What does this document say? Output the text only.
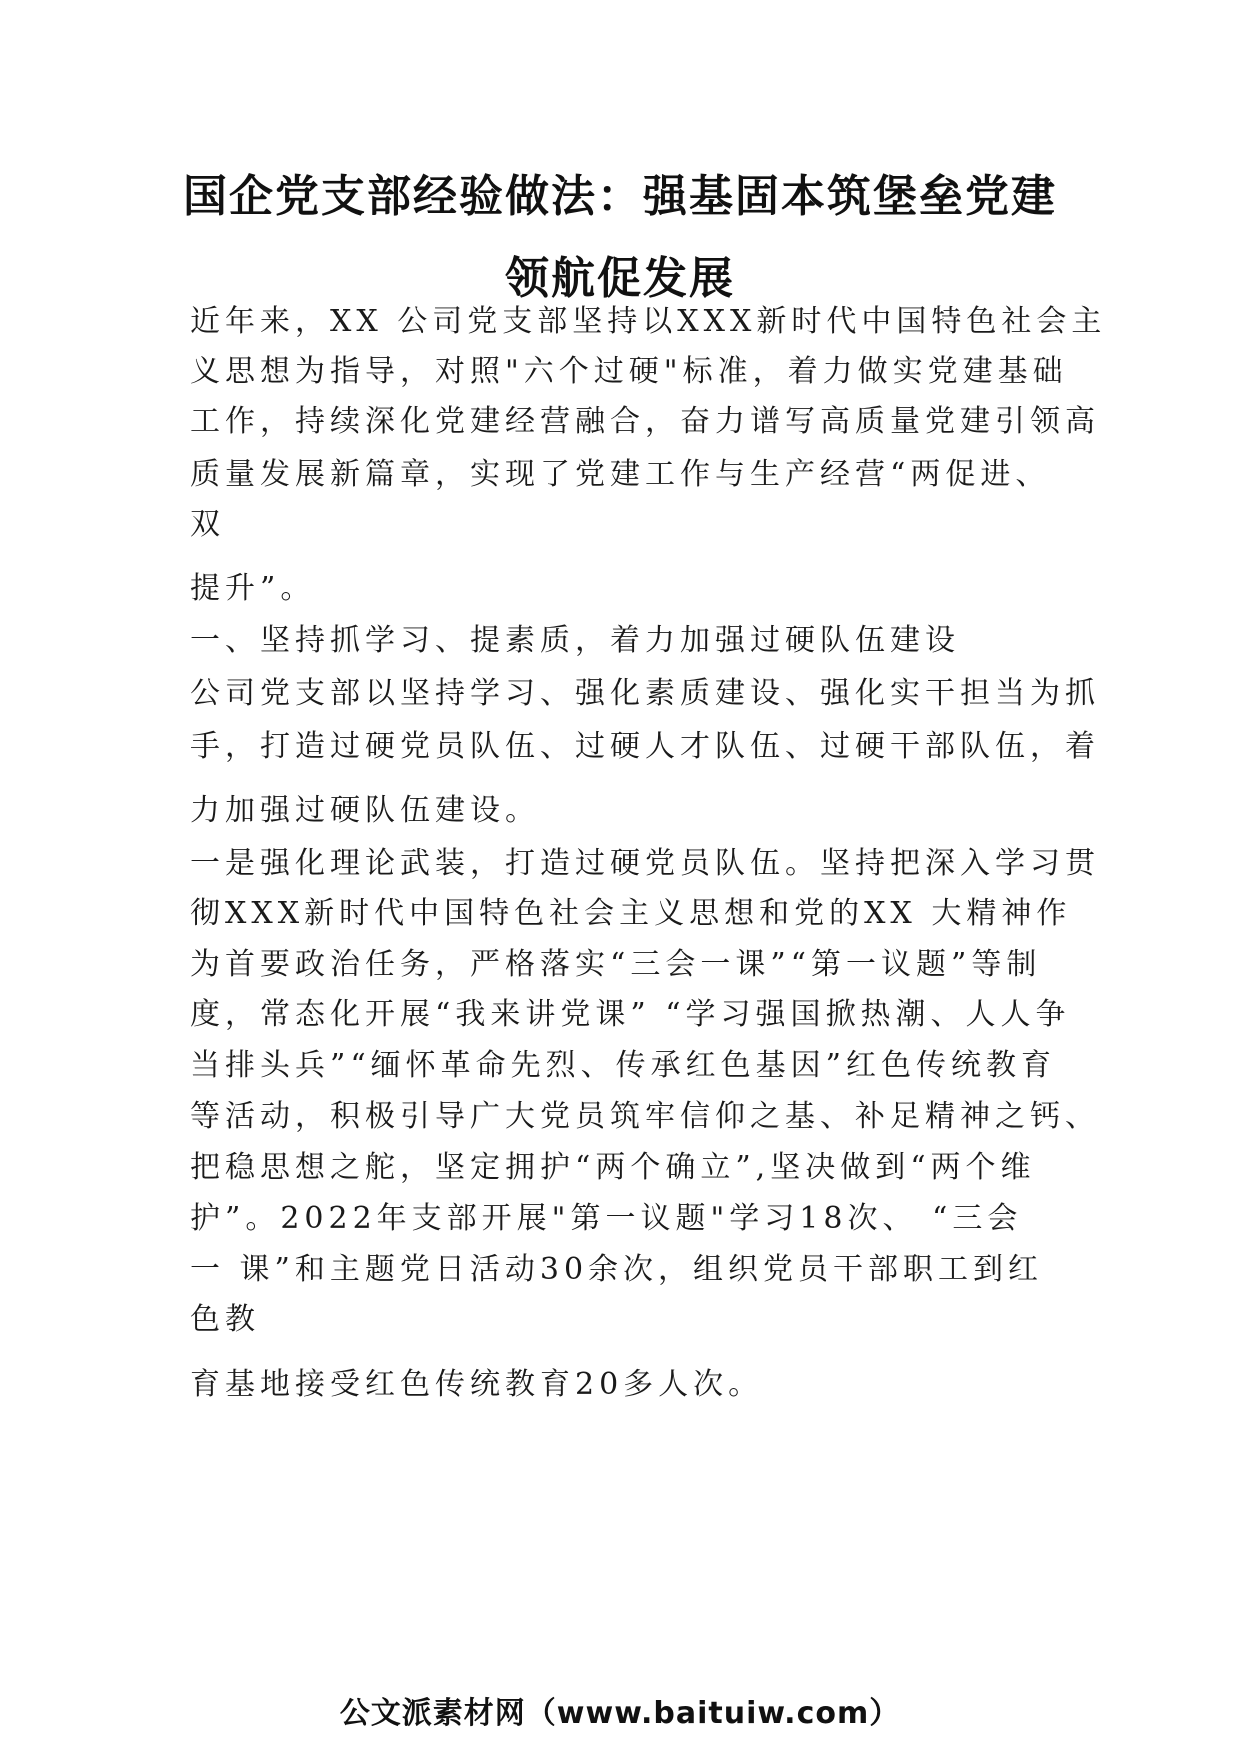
国企党支部经验做法：强基固本筑堡垒党建
领航促发展
近年来，XX 公司党支部坚持以XXX新时代中国特色社会主
义思想为指导，对照"六个过硬"标准，着力做实党建基础
工作，持续深化党建经营融合，奋力谱写高质量党建引领高
质量发展新篇章，实现了党建工作与生产经营“两促进、
双
提升”。
一、坚持抓学习、提素质，着力加强过硬队伍建设
公司党支部以坚持学习、强化素质建设、强化实干担当为抓
手，打造过硬党员队伍、过硬人才队伍、过硬干部队伍，着
力加强过硬队伍建设。
一是强化理论武装，打造过硬党员队伍。坚持把深入学习贯
彻XXX新时代中国特色社会主义思想和党的XX 大精神作
为首要政治任务，严格落实“三会一课”“第一议题”等制
度，常态化开展“我来讲党课” “学习强国掀热潮、人人争
当排头兵”“缅怀革命先烈、传承红色基因”红色传统教育
等活动，积极引导广大党员筑牢信仰之基、补足精神之钙、
把稳思想之舵，坚定拥护“两个确立”,坚决做到“两个维
护”。2022年支部开展"第一议题"学习18次、 “三会
一 课”和主题党日活动30余次，组织党员干部职工到红
色教
育基地接受红色传统教育20多人次。
公文派素材网（www.baituiw.com）
